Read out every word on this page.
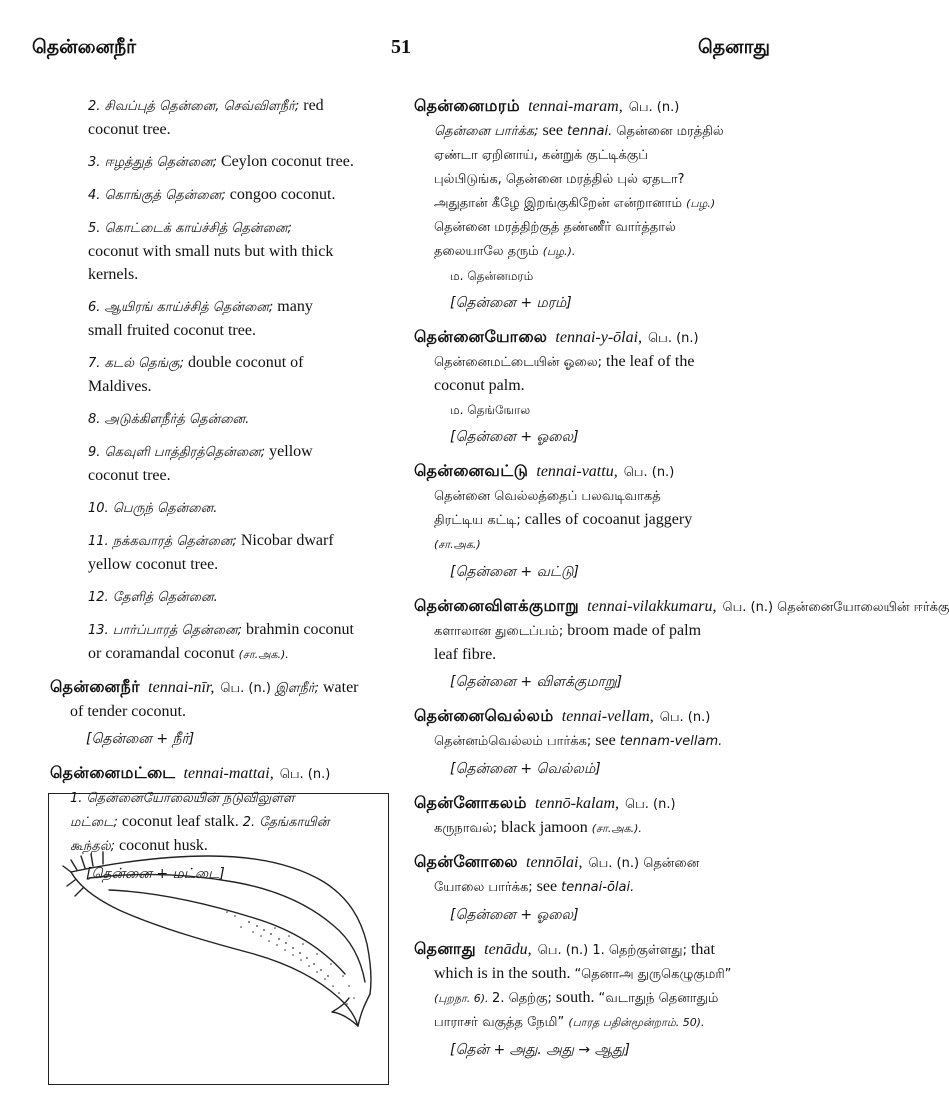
தென்னைநீர்	51	தெனாது
2. சிவப்புத் தென்னை, செவ்விளநீர்; red
coconut tree.
3. ஈழத்துத் தென்னை; Ceylon coconut tree.
4. கொங்குத் தென்னை; congoo coconut.
5. கொட்டைக் காய்ச்சித் தென்னை;
coconut with small nuts but with thick
kernels.
6. ஆயிரங் காய்ச்சித் தென்னை; many
small fruited coconut tree.
7. கடல் தெங்கு; double coconut of
Maldives.
8. அடுக்கிளநீர்த் தென்னை.
9. கெவுளி பாத்திரத்தென்னை; yellow
coconut tree.
10. பெருந் தென்னை.
11. நக்கவாரத் தென்னை; Nicobar dwarf
yellow coconut tree.
12. தேளித் தென்னை.
13. பார்ப்பாரத் தென்னை; brahmin coconut
or coramandal coconut (சா.அக.).
தென்னைநீர் tennai-nīr, பெ. (n.) இளநீர்; water
of tender coconut.
[தென்னை + நீர்]
தென்னைமட்டை tennai-mattai, பெ. (n.)
1. தென்னையோலையின் நடுவிலுள்ள
மட்டை; coconut leaf stalk. 2. தேங்காயின்
கூந்தல்; coconut husk.
[தென்னை + மட்டை]
தென்னைமரம் tennai-maram, பெ. (n.)
தென்னை பார்க்க; see tennai. தென்னை மரத்தில்
ஏண்டா ஏறினாய், கன்றுக் குட்டிக்குப்
புல்பிடுங்க, தென்னை மரத்தில் புல் ஏதடா?
அதுதான் கீழே இறங்குகிறேன் என்றானாம் (பழ.)
தென்னை மரத்திற்குத் தண்ணீர் வார்த்தால்
தலையாலே தரும் (பழ.).
ம. தென்னமரம்
[தென்னை + மரம்]
தென்னையோலை tennai-y-ōlai, பெ. (n.)
தென்னைமட்டையின் ஓலை; the leaf of the
coconut palm.
ம. தெங்ஙோல
[தென்னை + ஓலை]
தென்னைவட்டு tennai-vattu, பெ. (n.)
தென்னை வெல்லத்தைப் பலவடிவாகத்
திரட்டிய கட்டி; calles of cocoanut jaggery
(சா.அக.)
[தென்னை + வட்டு]
தென்னைவிளக்குமாறு tennai-vilakkumaru, பெ. (n.) தென்னையோலையின் ஈர்க்கு
களாலான துடைப்பம்; broom made of palm
leaf fibre.
[தென்னை + விளக்குமாறு]
தென்னைவெல்லம் tennai-vellam, பெ. (n.)
தென்னம்வெல்லம் பார்க்க; see tennam-vellam.
[தென்னை + வெல்லம்]
தென்னோகலம் tennō-kalam, பெ. (n.)
கருநாவல்; black jamoon (சா.அக.).
தென்னோலை tennōlai, பெ. (n.) தென்னை
யோலை பார்க்க; see tennai-ōlai.
[தென்னை + ஓலை]
தெனாது tenādu, பெ. (n.) 1. தெற்குள்ளது; that
which is in the south. “தெனாஅ துருகெழுகுமரி”
(புறநா. 6). 2. தெற்கு; south. “வடாதுந் தெனாதும்
பாராசர் வகுத்த நேமி” (பாரத பதின்மூன்றாம். 50).
[தென் + அது. அது → ஆது]
